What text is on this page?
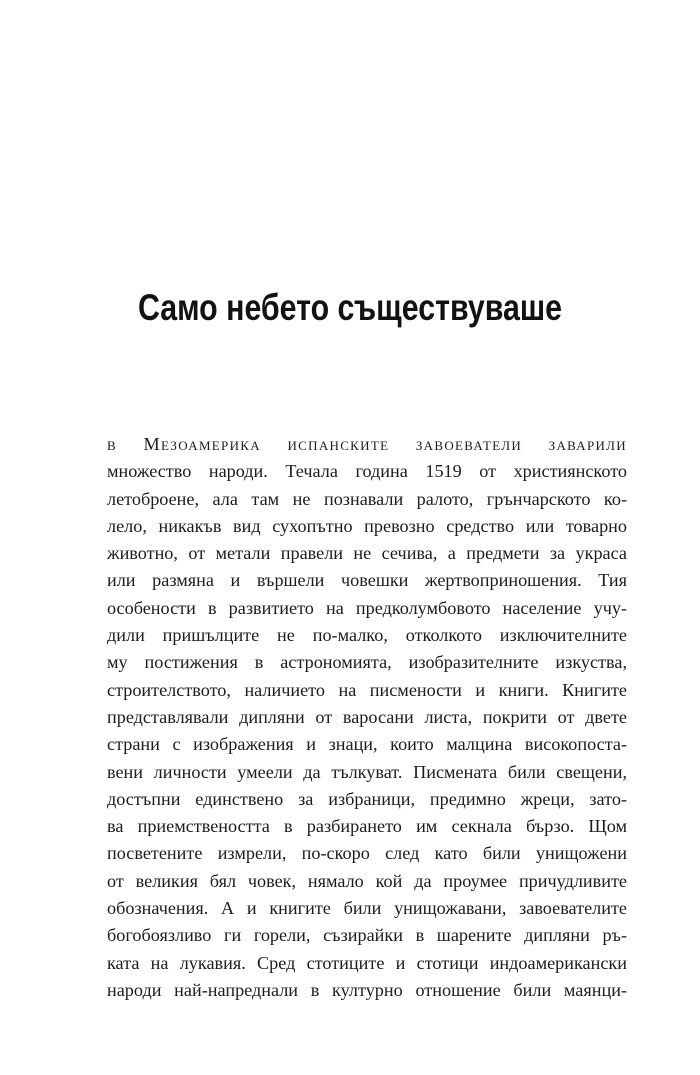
Само небето съществуваше
в Мезоамерика испанските завоеватели заварили
множество народи. Течала година 1519 от християнското
летоброене, ала там не познавали ралото, грънчарското ко-
лело, никакъв вид сухопътно превозно средство или товарно
животно, от метали правели не сечива, а предмети за украса
или размяна и вършели човешки жертвоприношения. Тия
особености в развитието на предколумбовото население учу-
дили пришълците не по-малко, отколкото изключителните
му постижения в астрономията, изобразителните изкуства,
строителството, наличието на писмености и книги. Книгите
представлявали дипляни от варосани листа, покрити от двете
страни с изображения и знаци, които малцина високопоста-
вени личности умеели да тълкуват. Писмената били свещени,
достъпни единствено за избраници, предимно жреци, зато-
ва приемствеността в разбирането им секнала бързо. Щом
посветените измрели, по-скоро след като били унищожени
от великия бял човек, нямало кой да проумее причудливите
обозначения. А и книгите били унищожавани, завоевателите
богобоязливо ги горели, съзирайки в шарените дипляни ръ-
ката на лукавия. Сред стотиците и стотици индоамерикански
народи най-напреднали в културно отношение били маянци-
